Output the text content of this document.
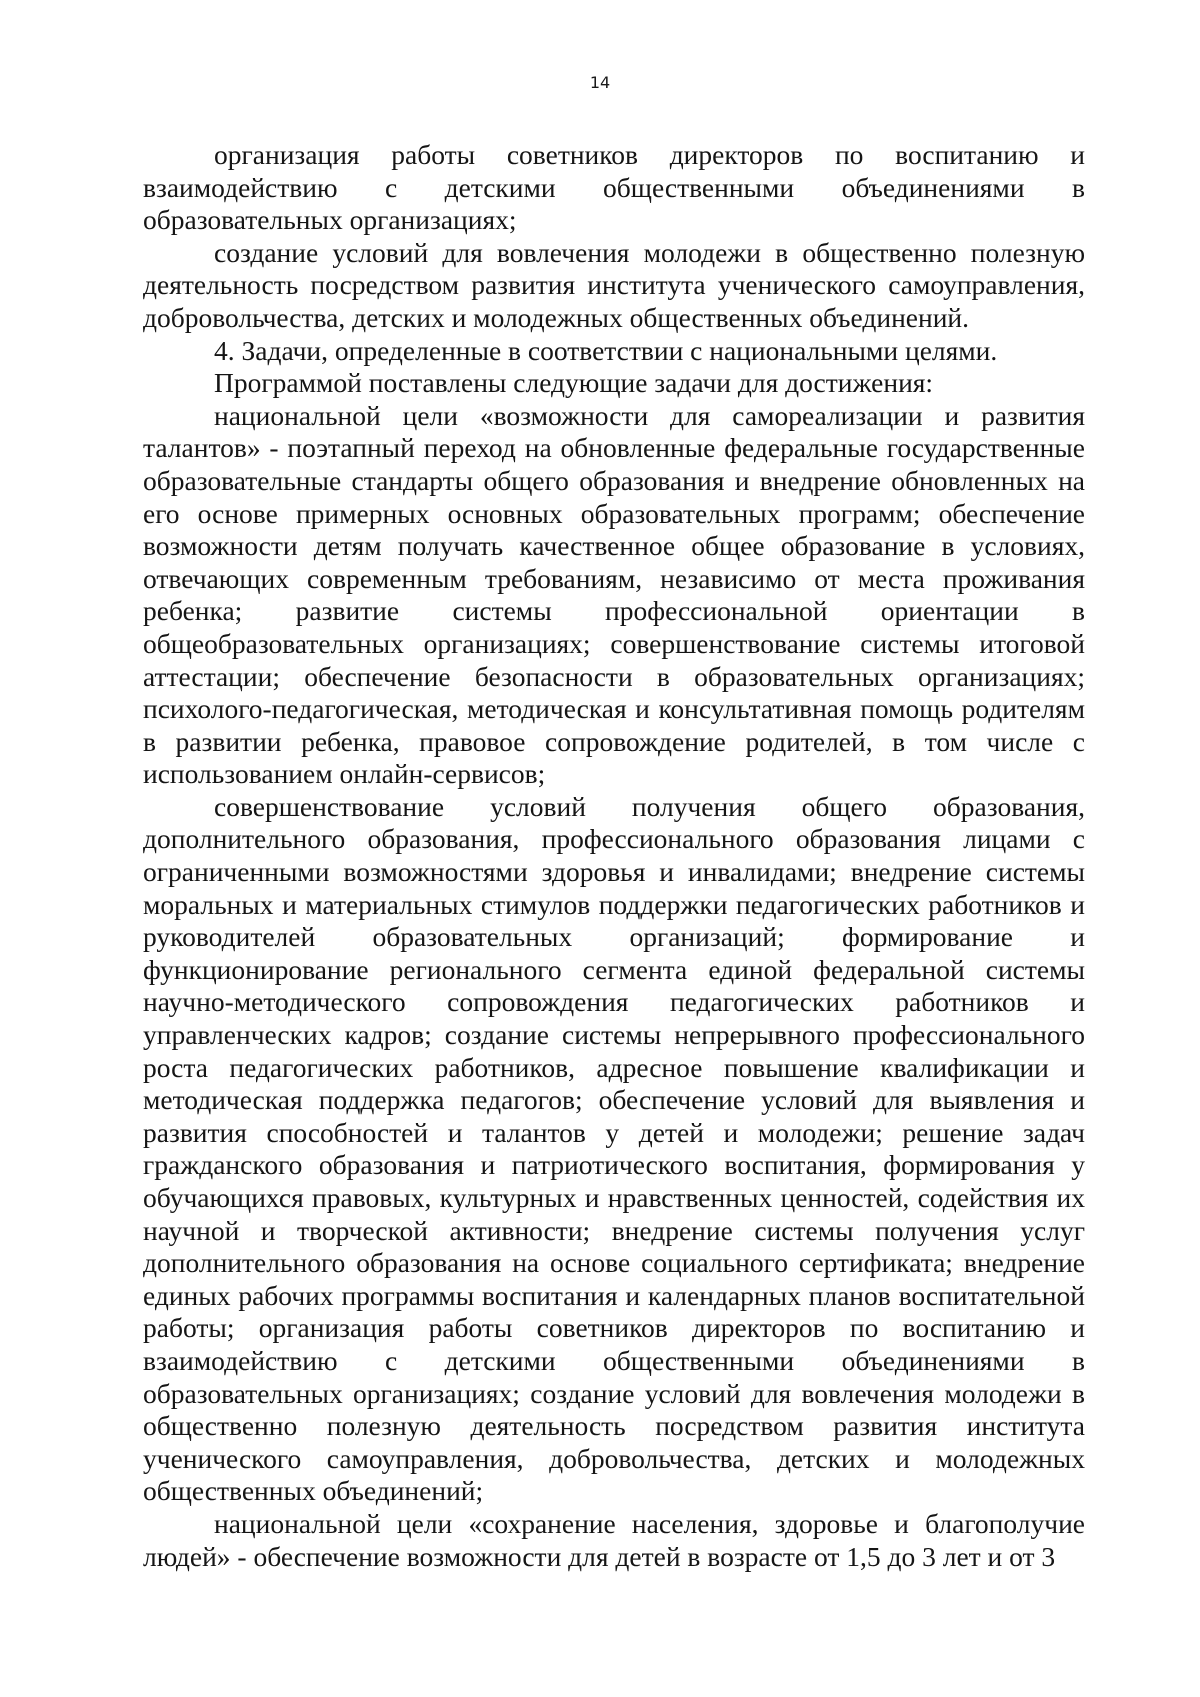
14

организация работы советников директоров по воспитанию и взаимодействию с детскими общественными объединениями в образовательных организациях;

создание условий для вовлечения молодежи в общественно полезную деятельность посредством развития института ученического самоуправления, добровольчества, детских и молодежных общественных объединений.

4. Задачи, определенные в соответствии с национальными целями.

Программой поставлены следующие задачи для достижения:

национальной цели «возможности для самореализации и развития талантов» - поэтапный переход на обновленные федеральные государственные образовательные стандарты общего образования и внедрение обновленных на его основе примерных основных образовательных программ; обеспечение возможности детям получать качественное общее образование в условиях, отвечающих современным требованиям, независимо от места проживания ребенка; развитие системы профессиональной ориентации в общеобразовательных организациях; совершенствование системы итоговой аттестации; обеспечение безопасности в образовательных организациях; психолого-педагогическая, методическая и консультативная помощь родителям в развитии ребенка, правовое сопровождение родителей, в том числе с использованием онлайн-сервисов;

совершенствование условий получения общего образования, дополнительного образования, профессионального образования лицами с ограниченными возможностями здоровья и инвалидами; внедрение системы моральных и материальных стимулов поддержки педагогических работников и руководителей образовательных организаций; формирование и функционирование регионального сегмента единой федеральной системы научно-методического сопровождения педагогических работников и управленческих кадров; создание системы непрерывного профессионального роста педагогических работников, адресное повышение квалификации и методическая поддержка педагогов; обеспечение условий для выявления и развития способностей и талантов у детей и молодежи; решение задач гражданского образования и патриотического воспитания, формирования у обучающихся правовых, культурных и нравственных ценностей, содействия их научной и творческой активности; внедрение системы получения услуг дополнительного образования на основе социального сертификата; внедрение единых рабочих программы воспитания и календарных планов воспитательной работы; организация работы советников директоров по воспитанию и взаимодействию с детскими общественными объединениями в образовательных организациях; создание условий для вовлечения молодежи в общественно полезную деятельность посредством развития института ученического самоуправления, добровольчества, детских и молодежных общественных объединений;

национальной цели «сохранение населения, здоровье и благополучие людей» - обеспечение возможности для детей в возрасте от 1,5 до 3 лет и от 3
